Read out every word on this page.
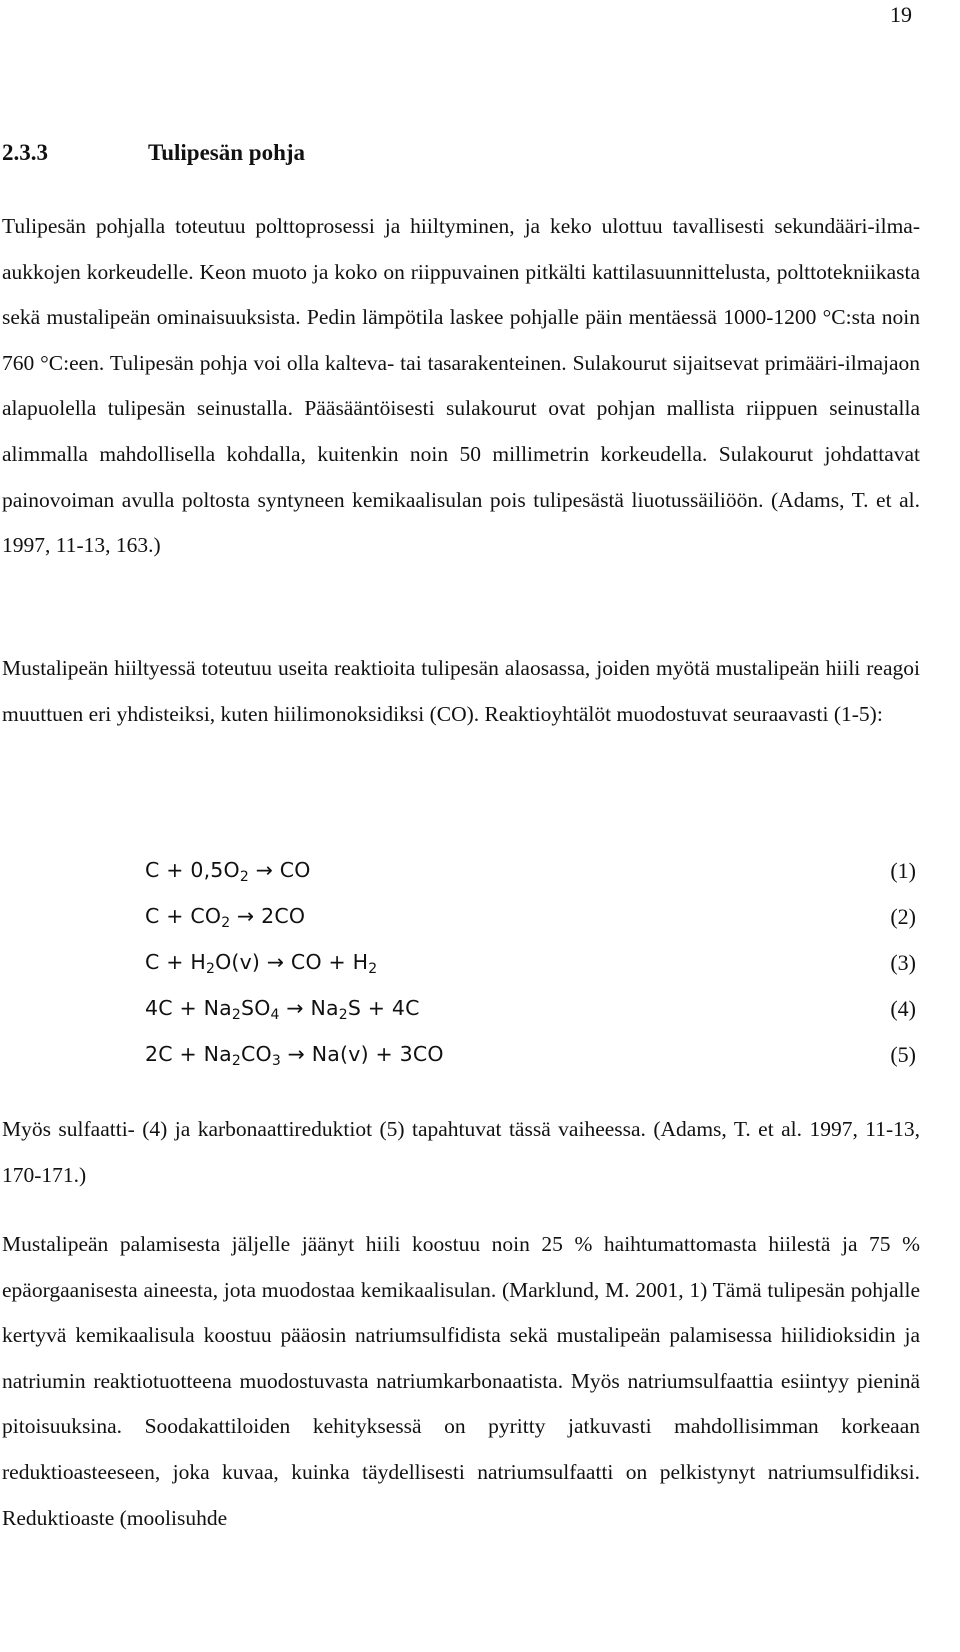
19
2.3.3	Tulipesän pohja

Tulipesän pohjalla toteutuu polttoprosessi ja hiiltyminen, ja keko ulottuu tavallisesti sekundääri-ilma-aukkojen korkeudelle. Keon muoto ja koko on riippuvainen pitkälti kattilasuunnittelusta, polttotekniikasta sekä mustalipeän ominaisuuksista. Pedin lämpötila laskee pohjalle päin mentäessä 1000-1200 °C:sta noin 760 °C:een. Tulipesän pohja voi olla kalteva- tai tasarakenteinen. Sulakourut sijaitsevat primääri-ilmajaon alapuolella tulipesän seinustalla. Pääsääntöisesti sulakourut ovat pohjan mallista riippuen seinustalla alimmalla mahdollisella kohdalla, kuitenkin noin 50 millimetrin korkeudella. Sulakourut johdattavat painovoiman avulla poltosta syntyneen kemikaalisulan pois tulipesästä liuotussäiliöön. (Adams, T. et al. 1997, 11-13, 163.)

Mustalipeän hiiltyessä toteutuu useita reaktioita tulipesän alaosassa, joiden myötä mustalipeän hiili reagoi muuttuen eri yhdisteiksi, kuten hiilimonoksidiksi (CO). Reaktioyhtälöt muodostuvat seuraavasti (1-5):

$C + 0,5O_2$ → CO	(1)
$C + CO_2 \to 2CO$	(2)
$C + H_2O(v)$ → CO + $H_2$	(3)
$4C + Na_2SO_4 \to Na_2S + 4C$	(4)
$2C + Na_2CO_3 \to Na(v) + 3CO$	(5)

Myös sulfaatti- (4) ja karbonaattireduktiot (5) tapahtuvat tässä vaiheessa. (Adams, T. et al. 1997, 11-13, 170-171.)

Mustalipeän palamisesta jäljelle jäänyt hiili koostuu noin 25 % haihtumattomasta hiilestä ja 75 % epäorgaanisesta aineesta, jota muodostaa kemikaalisulan. (Marklund, M. 2001, 1) Tämä tulipesän pohjalle kertyvä kemikaalisula koostuu pääosin natriumsulfidista sekä mustalipeän palamisessa hiilidioksidin ja natriumin reaktiotuotteena muodostuvasta natriumkarbonaatista. Myös natriumsulfaattia esiintyy pieninä pitoisuuksina. Soodakattiloiden kehityksessä on pyritty jatkuvasti mahdollisimman korkeaan reduktioasteeseen, joka kuvaa, kuinka täydellisesti natriumsulfaatti on pelkistynyt natriumsulfidiksi. Reduktioaste (moolisuhde
